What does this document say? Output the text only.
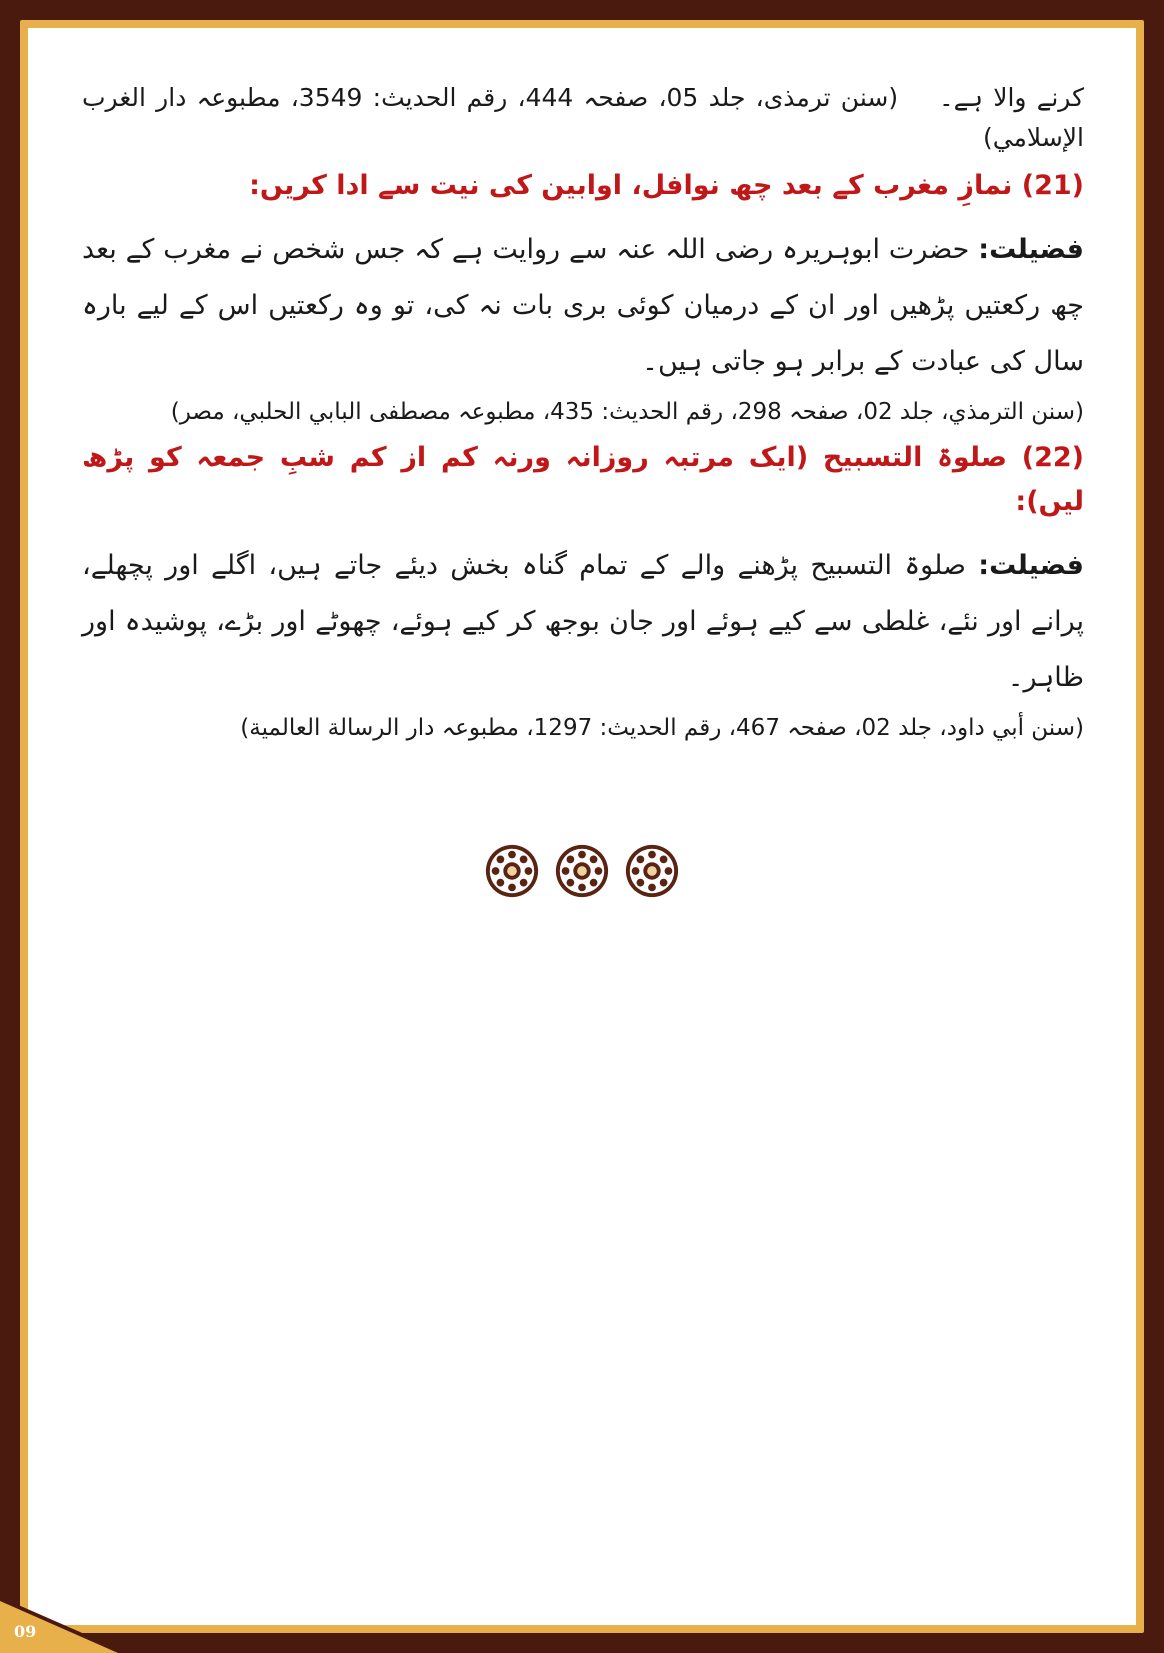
کرنے والا ہے۔    (سنن ترمذی، جلد 05، صفحہ 444، رقم الحدیث: 3549، مطبوعہ دار الغرب الإسلامي)

(21) نمازِ مغرب کے بعد چھ نوافل، اوابین کی نیت سے ادا کریں:

فضیلت: حضرت ابوہریرہ رضی اللہ عنہ سے روایت ہے کہ جس شخص نے مغرب کے بعد چھ رکعتیں پڑھیں اور ان کے درمیان کوئی بری بات نہ کی، تو وہ رکعتیں اس کے لیے بارہ سال کی عبادت کے برابر ہو جاتی ہیں۔

(سنن الترمذي، جلد 02، صفحہ 298، رقم الحدیث: 435، مطبوعہ مصطفى البابي الحلبي، مصر)

(22) صلوۃ التسبیح (ایک مرتبہ روزانہ ورنہ کم از کم شبِ جمعہ کو پڑھ لیں):

فضیلت: صلوۃ التسبیح پڑھنے والے کے تمام گناہ بخش دیئے جاتے ہیں، اگلے اور پچھلے، پرانے اور نئے، غلطی سے کیے ہوئے اور جان بوجھ کر کیے ہوئے، چھوٹے اور بڑے، پوشیدہ اور ظاہر۔

(سنن أبي داود، جلد 02، صفحہ 467، رقم الحدیث: 1297، مطبوعہ دار الرسالة العالمية)

09
